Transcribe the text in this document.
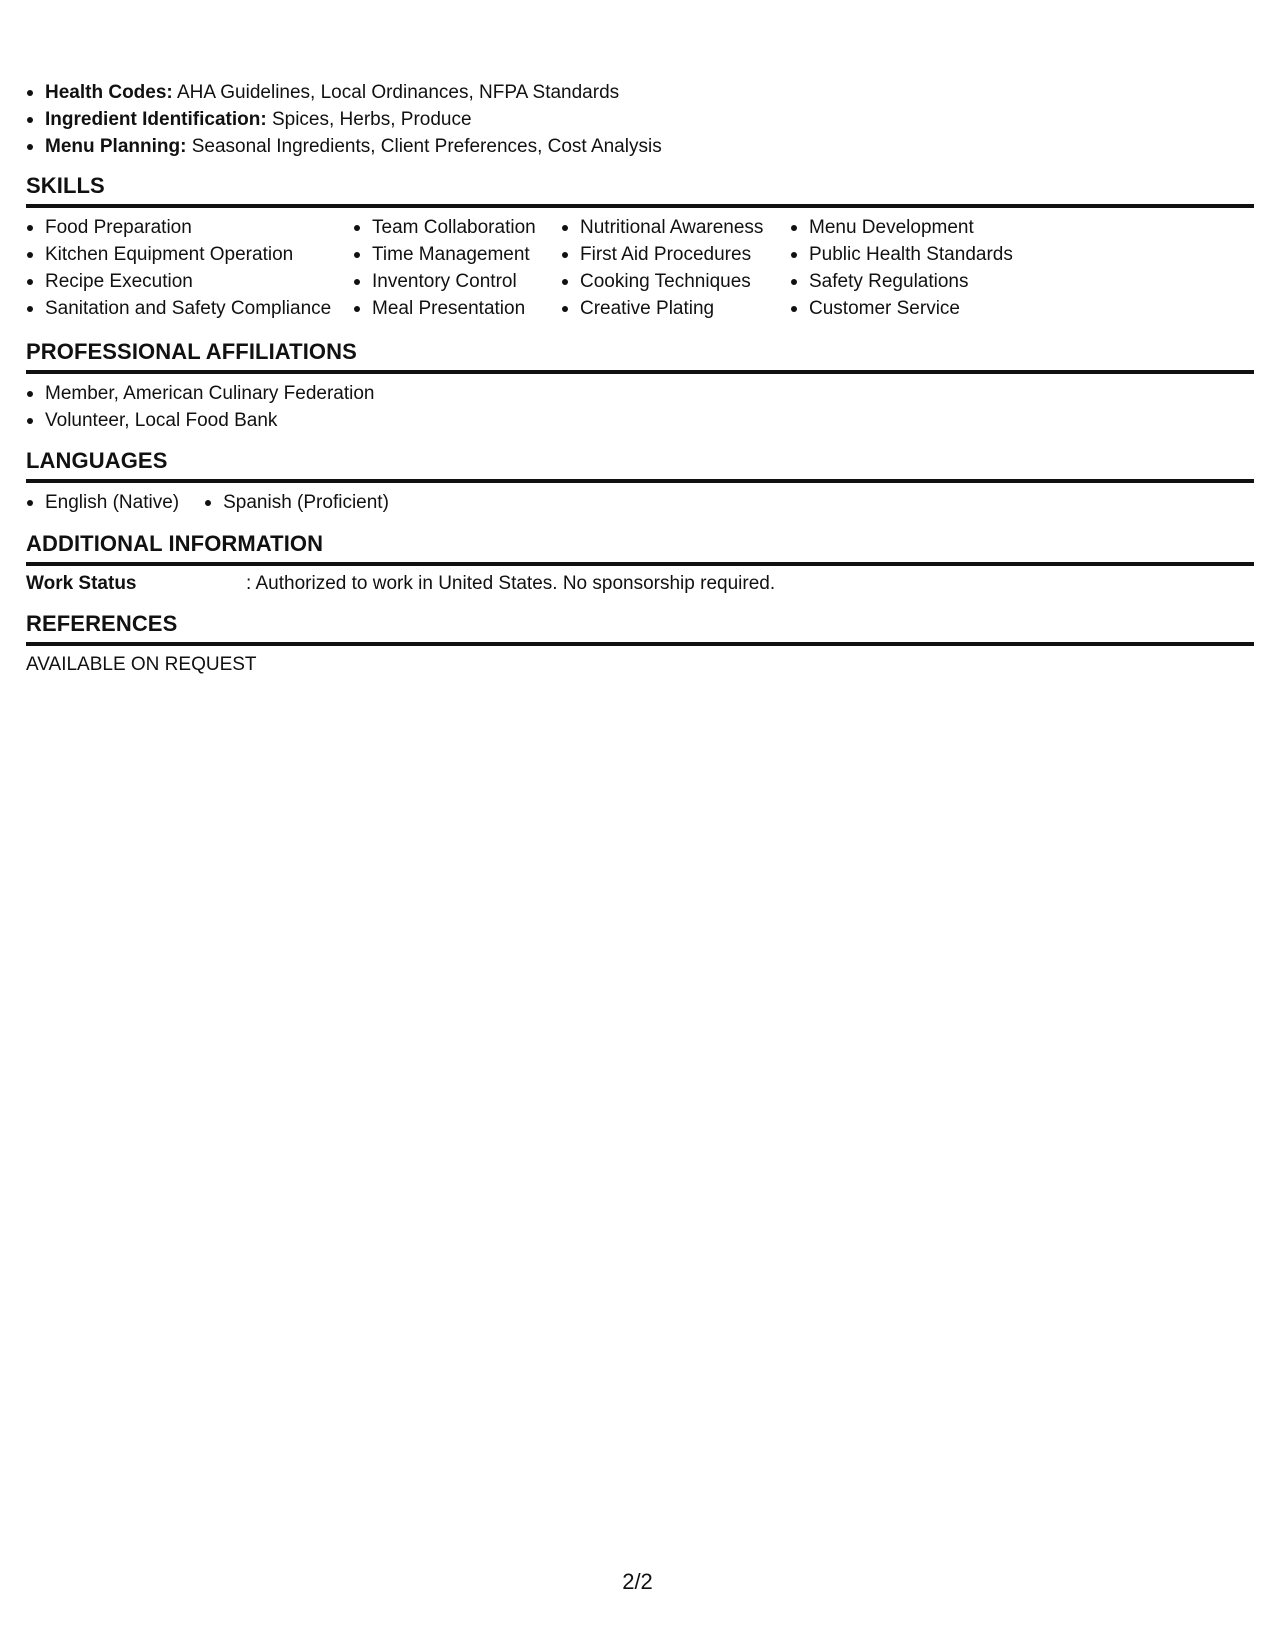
Health Codes: AHA Guidelines, Local Ordinances, NFPA Standards
Ingredient Identification: Spices, Herbs, Produce
Menu Planning: Seasonal Ingredients, Client Preferences, Cost Analysis
SKILLS
Food Preparation
Kitchen Equipment Operation
Recipe Execution
Sanitation and Safety Compliance
Team Collaboration
Time Management
Inventory Control
Meal Presentation
Nutritional Awareness
First Aid Procedures
Cooking Techniques
Creative Plating
Menu Development
Public Health Standards
Safety Regulations
Customer Service
PROFESSIONAL AFFILIATIONS
Member, American Culinary Federation
Volunteer, Local Food Bank
LANGUAGES
English (Native)	Spanish (Proficient)
ADDITIONAL INFORMATION
Work Status	: Authorized to work in United States. No sponsorship required.
REFERENCES
AVAILABLE ON REQUEST
2/2
